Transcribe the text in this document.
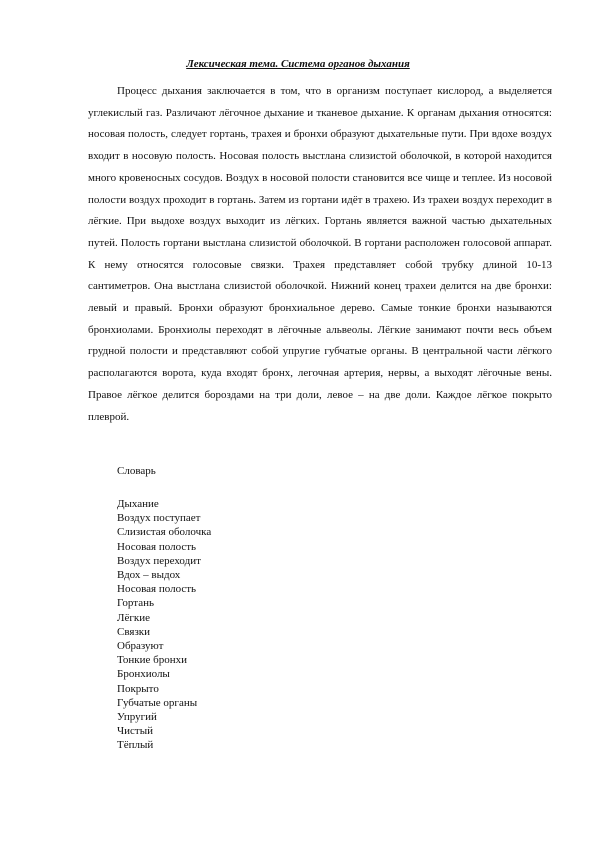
Лексическая тема. Система органов дыхания

Процесс дыхания заключается в том, что в организм поступает кислород, а выделяется углекислый газ. Различают лёгочное дыхание и тканевое дыхание. К органам дыхания относятся: носовая полость, следует гортань, трахея и бронхи образуют дыхательные пути. При вдохе воздух входит в носовую полость. Носовая полость выстлана слизистой оболочкой, в которой находится много кровеносных сосудов. Воздух в носовой полости становится все чище и теплее. Из носовой полости воздух проходит в гортань. Затем из гортани идёт в трахею. Из трахеи воздух переходит в лёгкие. При выдохе воздух выходит из лёгких. Гортань является важной частью дыхательных путей. Полость гортани выстлана слизистой оболочкой. В гортани расположен голосовой аппарат. К нему относятся голосовые связки. Трахея представляет собой трубку длиной 10-13 сантиметров. Она выстлана слизистой оболочкой. Нижний конец трахеи делится на две бронхи: левый и правый. Бронхи образуют бронхиальное дерево. Самые тонкие бронхи называются бронхиолами. Бронхиолы переходят в лёгочные альвеолы. Лёгкие занимают почти весь объем грудной полости и представляют собой упругие губчатые органы. В центральной части лёгкого располагаются ворота, куда входят бронх, легочная артерия, нервы, а выходят лёгочные вены. Правое лёгкое делится бороздами на три доли, левое – на две доли. Каждое лёгкое покрыто плеврой.

Словарь

Дыхание
Воздух поступает
Слизистая оболочка
Носовая полость
Воздух переходит
Вдох – выдох
Носовая полость
Гортань
Лёгкие
Связки
Образуют
Тонкие бронхи
Бронхиолы
Покрыто
Губчатые органы
Упругий
Чистый
Тёплый
